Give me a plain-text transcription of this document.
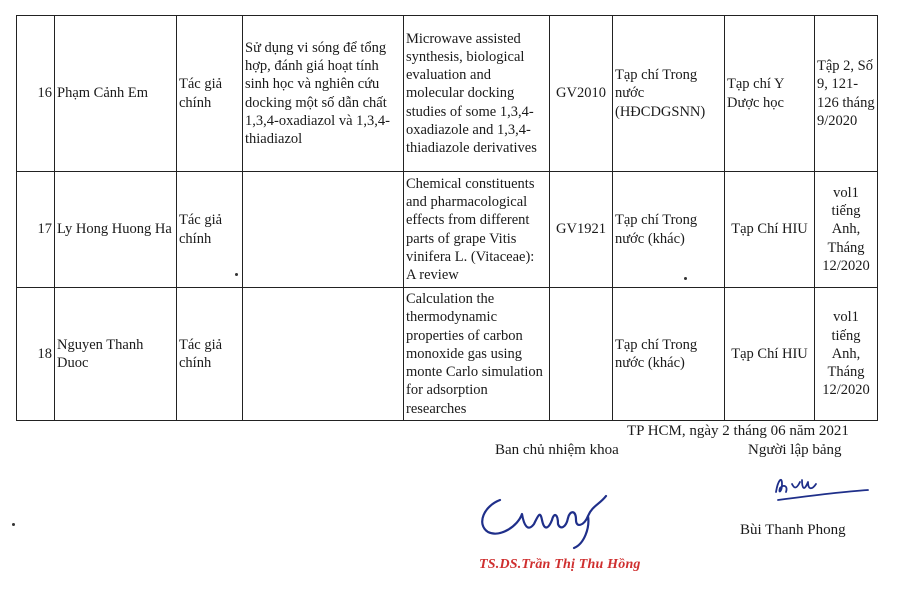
16	Phạm Cảnh Em	Tác giả chính	Sử dụng vi sóng để tổng hợp, đánh giá hoạt tính sinh học và nghiên cứu docking một số dẫn chất 1,3,4-oxadiazol và 1,3,4-thiadiazol	Microwave assisted synthesis, biological evaluation and molecular docking studies of some 1,3,4-oxadiazole and 1,3,4-thiadiazole derivatives	GV2010	Tạp chí Trong nước (HĐCDGSNN)	Tạp chí Y Dược học	Tập 2, Số 9, 121-126 tháng 9/2020
17	Ly Hong Huong Ha	Tác giả chính		Chemical constituents and pharmacological effects from different parts of grape Vitis vinifera L. (Vitaceae): A review	GV1921	Tạp chí Trong nước (khác)	Tạp Chí HIU	vol1 tiếng Anh, Tháng 12/2020
18	Nguyen Thanh Duoc	Tác giả chính		Calculation the thermodynamic properties of carbon monoxide gas using monte Carlo simulation for adsorption researches		Tạp chí Trong nước (khác)	Tạp Chí HIU	vol1 tiếng Anh, Tháng 12/2020
TP HCM, ngày 2 tháng 06 năm 2021
Ban chủ nhiệm khoa	Người lập bảng
TS.DS.Trần Thị Thu Hồng
Bùi Thanh Phong
